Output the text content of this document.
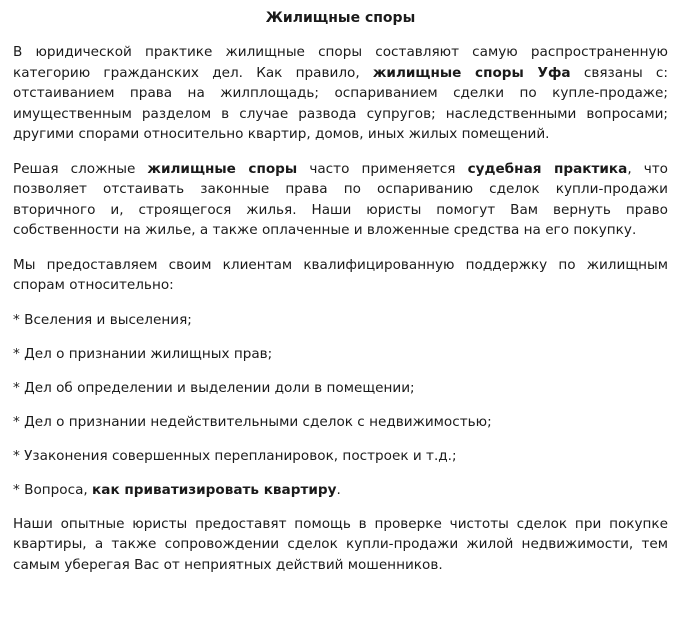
Жилищные споры

В юридической практике жилищные споры составляют самую распространенную категорию гражданских дел. Как правило, жилищные споры Уфа связаны с: отстаиванием права на жилплощадь; оспариванием сделки по купле-продаже; имущественным разделом в случае развода супругов; наследственными вопросами; другими спорами относительно квартир, домов, иных жилых помещений.

Решая сложные жилищные споры часто применяется судебная практика, что позволяет отстаивать законные права по оспариванию сделок купли-продажи вторичного и, строящегося жилья. Наши юристы помогут Вам вернуть право собственности на жилье, а также оплаченные и вложенные средства на его покупку.

Мы предоставляем своим клиентам квалифицированную поддержку по жилищным спорам относительно:

* Вселения и выселения;

* Дел о признании жилищных прав;

* Дел об определении и выделении доли в помещении;

* Дел о признании недействительными сделок с недвижимостью;

* Узаконения совершенных перепланировок, построек и т.д.;

* Вопроса, как приватизировать квартиру.

Наши опытные юристы предоставят помощь в проверке чистоты сделок при покупке квартиры, а также сопровождении сделок купли-продажи жилой недвижимости, тем самым уберегая Вас от неприятных действий мошенников.
